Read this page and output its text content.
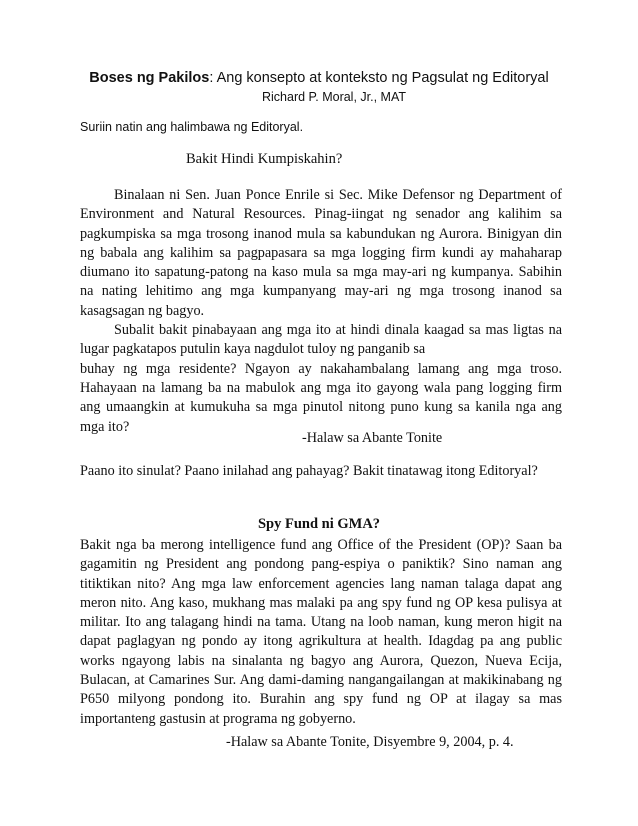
Boses ng Pakilos: Ang konsepto at konteksto ng Pagsulat ng Editoryal
Richard P. Moral, Jr., MAT
Suriin natin ang halimbawa ng Editoryal.
Bakit Hindi Kumpiskahin?

Binalaan ni Sen. Juan Ponce Enrile si Sec. Mike Defensor ng Department of Environment and Natural Resources. Pinag-iingat ng senador ang kalihim sa pagkumpiska sa mga trosong inanod mula sa kabundukan ng Aurora. Binigyan din ng babala ang kalihim sa pagpapasara sa mga logging firm kundi ay mahaharap diumano ito sapatung-patong na kaso mula sa mga may-ari ng kumpanya. Sabihin na nating lehitimo ang mga kumpanyang may-ari ng mga trosong inanod sa kasagsagan ng bagyo.

Subalit bakit pinabayaan ang mga ito at hindi dinala kaagad sa mas ligtas na lugar pagkatapos putulin kaya nagdulot tuloy ng panganib sa

buhay ng mga residente? Ngayon ay nakahambalang lamang ang mga troso. Hahayaan na lamang ba na mabulok ang mga ito gayong wala pang logging firm ang umaangkin at kumukuha sa mga pinutol nitong puno kung sa kanila nga ang mga ito?

-Halaw sa Abante Tonite

Paano ito sinulat? Paano inilahad ang pahayag? Bakit tinatawag itong Editoryal?

Spy Fund ni GMA?

Bakit nga ba merong intelligence fund ang Office of the President (OP)? Saan ba gagamitin ng President ang pondong pang-espiya o paniktik? Sino naman ang titiktikan nito? Ang mga law enforcement agencies lang naman talaga dapat ang meron nito. Ang kaso, mukhang mas malaki pa ang spy fund ng OP kesa pulisya at militar. Ito ang talagang hindi na tama. Utang na loob naman, kung meron higit na dapat paglagyan ng pondo ay itong agrikultura at health. Idagdag pa ang public works ngayong labis na sinalanta ng bagyo ang Aurora, Quezon, Nueva Ecija, Bulacan, at Camarines Sur. Ang dami-daming nangangailangan at makikinabang ng P650 milyong pondong ito. Burahin ang spy fund ng OP at ilagay sa mas importanteng gastusin at programa ng gobyerno.

-Halaw sa Abante Tonite, Disyembre 9, 2004, p. 4.
